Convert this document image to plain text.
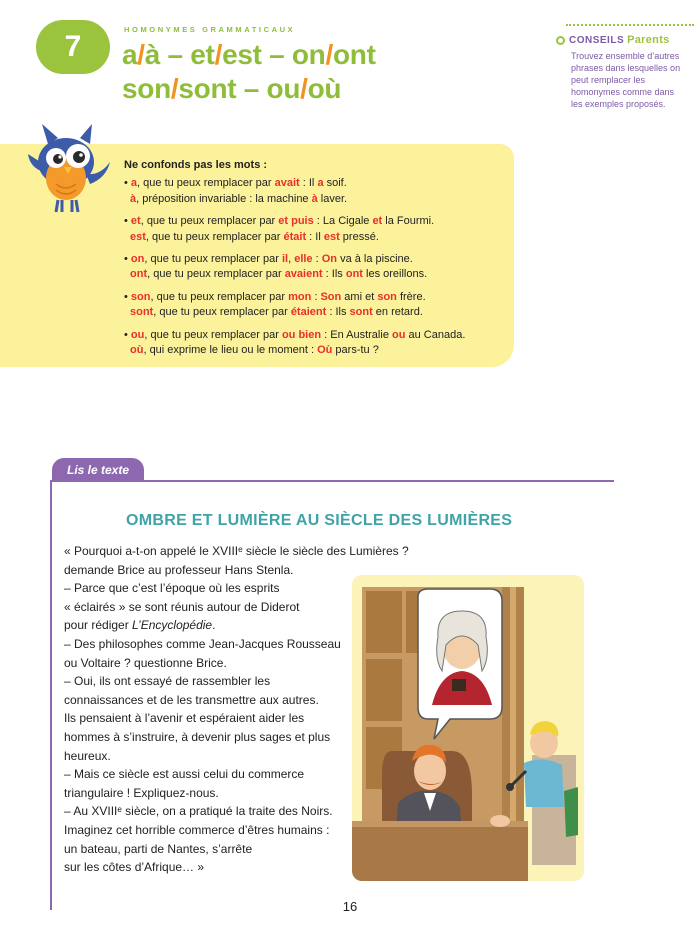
7
HOMONYMES GRAMMATICAUX
a/à – et/est – on/ont
son/sont – ou/où
CONSEILS Parents

Trouvez ensemble d’autres phrases dans lesquelles on peut remplacer les homonymes comme dans les exemples proposés.

Ne confonds pas les mots :
• a, que tu peux remplacer par avait : Il a soif.
à, préposition invariable : la machine à laver.
• et, que tu peux remplacer par et puis : La Cigale et la Fourmi.
est, que tu peux remplacer par était : Il est pressé.
• on, que tu peux remplacer par il, elle : On va à la piscine.
ont, que tu peux remplacer par avaient : Ils ont les oreillons.
• son, que tu peux remplacer par mon : Son ami et son frère.
sont, que tu peux remplacer par étaient : Ils sont en retard.
• ou, que tu peux remplacer par ou bien : En Australie ou au Canada.
où, qui exprime le lieu ou le moment : Où pars-tu ?
Lis le texte
OMBRE ET LUMIÈRE AU SIÈCLE DES LUMIÈRES
« Pourquoi a-t-on appelé le XVIIIᵉ siècle le siècle des Lumières ?
demande Brice au professeur Hans Stenla.
– Parce que c’est l’époque où les esprits
« éclairés » se sont réunis autour de Diderot
pour rédiger L’Encyclopédie.
– Des philosophes comme Jean-Jacques Rousseau
ou Voltaire ? questionne Brice.
– Oui, ils ont essayé de rassembler les
connaissances et de les transmettre aux autres.
Ils pensaient à l’avenir et espéraient aider les
hommes à s’instruire, à devenir plus sages et plus
heureux.
– Mais ce siècle est aussi celui du commerce
triangulaire ! Expliquez-nous.
– Au XVIIIᵉ siècle, on a pratiqué la traite des Noirs.
Imaginez cet horrible commerce d’êtres humains :
un bateau, parti de Nantes, s’arrête
sur les côtes d’Afrique… »
16
